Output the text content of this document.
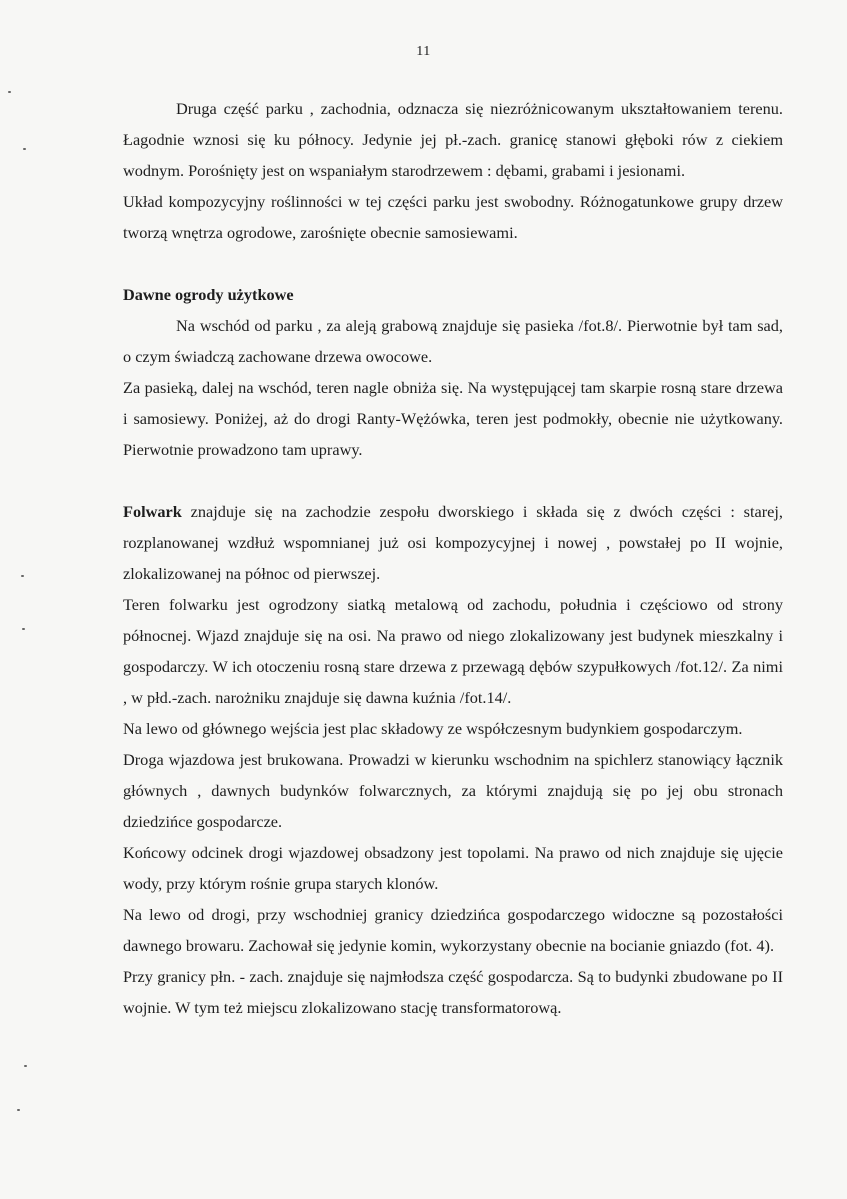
11

Druga część parku , zachodnia, odznacza się niezróżnicowanym ukształtowaniem terenu. Łagodnie wznosi się ku północy. Jedynie jej pł.-zach. granicę stanowi głęboki rów z ciekiem wodnym. Porośnięty jest on wspaniałym starodrzewem : dębami, grabami i jesionami.

Układ kompozycyjny roślinności w tej części parku jest swobodny. Różnogatunkowe grupy drzew tworzą wnętrza ogrodowe, zarośnięte obecnie samosiewami.

Dawne ogrody użytkowe

Na wschód od parku , za aleją grabową znajduje się pasieka /fot.8/. Pierwotnie był tam sad, o czym świadczą zachowane drzewa owocowe.

Za pasieką, dalej na wschód, teren nagle obniża się. Na występującej tam skarpie rosną stare drzewa i samosiewy. Poniżej, aż do drogi Ranty-Wężówka, teren jest podmokły, obecnie nie użytkowany. Pierwotnie prowadzono tam uprawy.

Folwark znajduje się na zachodzie zespołu dworskiego i składa się z dwóch części : starej, rozplanowanej wzdłuż wspomnianej już osi kompozycyjnej i nowej , powstałej po II wojnie, zlokalizowanej na północ od pierwszej.

Teren folwarku jest ogrodzony siatką metalową od zachodu, południa i częściowo od strony północnej. Wjazd znajduje się na osi. Na prawo od niego zlokalizowany jest budynek mieszkalny i gospodarczy. W ich otoczeniu rosną stare drzewa z przewagą dębów szypułkowych /fot.12/. Za nimi , w płd.-zach. narożniku znajduje się dawna kuźnia /fot.14/.

Na lewo od głównego wejścia jest plac składowy ze współczesnym budynkiem gospodarczym.

Droga wjazdowa jest brukowana. Prowadzi w kierunku wschodnim na spichlerz stanowiący łącznik głównych , dawnych budynków folwarcznych, za którymi znajdują się po jej obu stronach dziedzińce gospodarcze.

Końcowy odcinek drogi wjazdowej obsadzony jest topolami. Na prawo od nich znajduje się ujęcie wody, przy którym rośnie grupa starych klonów.

Na lewo od drogi, przy wschodniej granicy dziedzińca gospodarczego widoczne są pozostałości dawnego browaru. Zachował się jedynie komin, wykorzystany obecnie na bocianie gniazdo (fot. 4).

Przy granicy płn. - zach. znajduje się najmłodsza część gospodarcza. Są to budynki zbudowane po II wojnie. W tym też miejscu zlokalizowano stację transformatorową.
